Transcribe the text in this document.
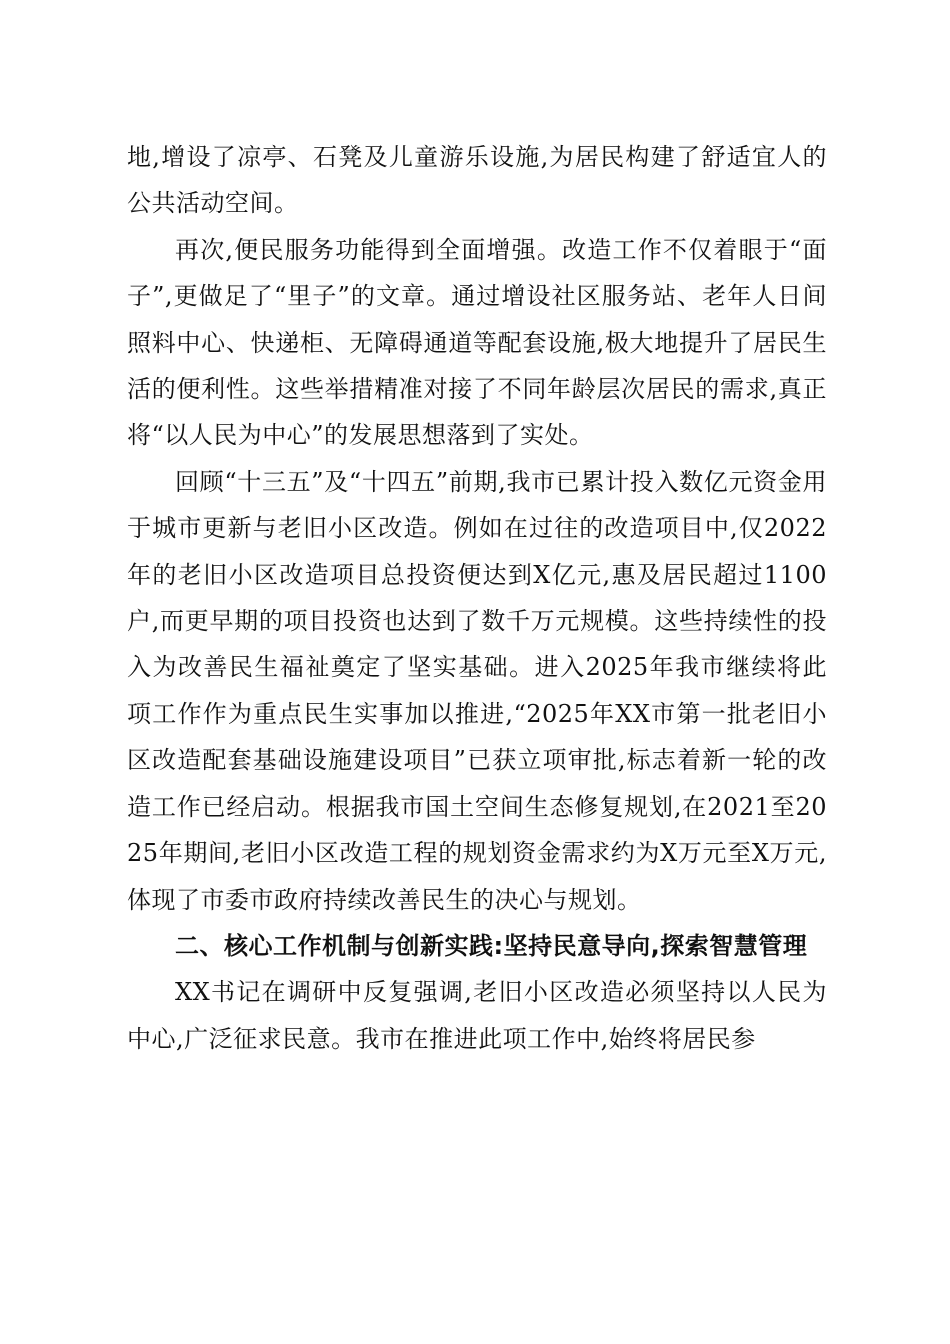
地,增设了凉亭、石凳及儿童游乐设施,为居民构建了舒适宜人的公共活动空间。

再次,便民服务功能得到全面增强。改造工作不仅着眼于“面子”,更做足了“里子”的文章。通过增设社区服务站、老年人日间照料中心、快递柜、无障碍通道等配套设施,极大地提升了居民生活的便利性。这些举措精准对接了不同年龄层次居民的需求,真正将“以人民为中心”的发展思想落到了实处。

回顾“十三五”及“十四五”前期,我市已累计投入数亿元资金用于城市更新与老旧小区改造。例如在过往的改造项目中,仅2022年的老旧小区改造项目总投资便达到X亿元,惠及居民超过1100户,而更早期的项目投资也达到了数千万元规模。这些持续性的投入为改善民生福祉奠定了坚实基础。进入2025年我市继续将此项工作作为重点民生实事加以推进,“2025年XX市第一批老旧小区改造配套基础设施建设项目”已获立项审批,标志着新一轮的改造工作已经启动。根据我市国土空间生态修复规划,在2021至2025年期间,老旧小区改造工程的规划资金需求约为X万元至X万元,体现了市委市政府持续改善民生的决心与规划。

二、核心工作机制与创新实践:坚持民意导向,探索智慧管理

XX书记在调研中反复强调,老旧小区改造必须坚持以人民为中心,广泛征求民意。我市在推进此项工作中,始终将居民参
